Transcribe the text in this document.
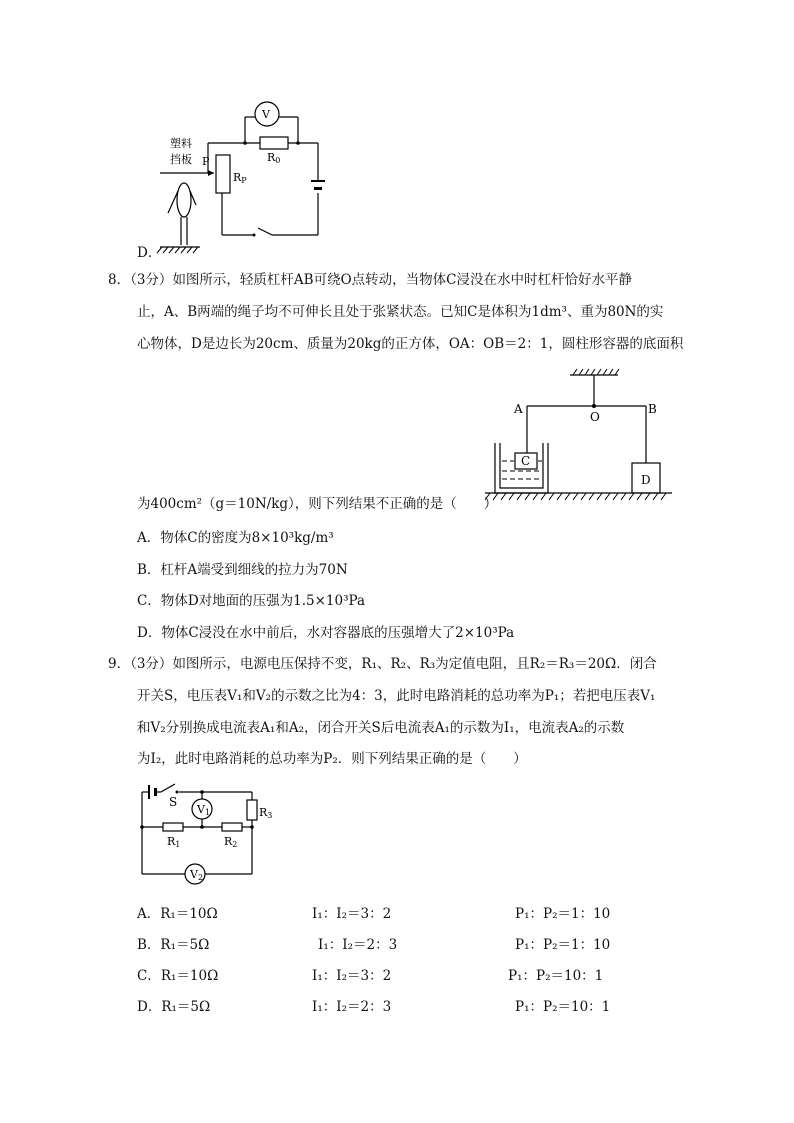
塑料
挡板 P
V
R0
RP
D．
8．（3分）如图所示，轻质杠杆AB可绕O点转动，当物体C浸没在水中时杠杆恰好水平静
止，A、B两端的绳子均不可伸长且处于张紧状态。已知C是体积为1dm³、重为80N的实
心物体，D是边长为20cm、质量为20kg的正方体，OA：OB＝2：1，圆柱形容器的底面积
A
O
B
C
D
为400cm²（g＝10N/kg），则下列结果不正确的是（　　）
A．物体C的密度为8×10³kg/m³
B．杠杆A端受到细线的拉力为70N
C．物体D对地面的压强为1.5×10³Pa
D．物体C浸没在水中前后，水对容器底的压强增大了2×10³Pa
9．（3分）如图所示，电源电压保持不变，R₁、R₂、R₃为定值电阻，且R₂＝R₃＝20Ω．闭合
开关S，电压表V₁和V₂的示数之比为4：3，此时电路消耗的总功率为P₁；若把电压表V₁
和V₂分别换成电流表A₁和A₂，闭合开关S后电流表A₁的示数为I₁，电流表A₂的示数
为I₂，此时电路消耗的总功率为P₂．则下列结果正确的是（　　）
S
V1
V2
R1	R2
R3
A．R₁＝10Ω	I₁：I₂＝3：2	P₁：P₂＝1：10
B．R₁＝5Ω	I₁：I₂＝2：3	P₁：P₂＝1：10
C．R₁＝10Ω	I₁：I₂＝3：2	P₁：P₂＝10：1
D．R₁＝5Ω	I₁：I₂＝2：3	P₁：P₂＝10：1
